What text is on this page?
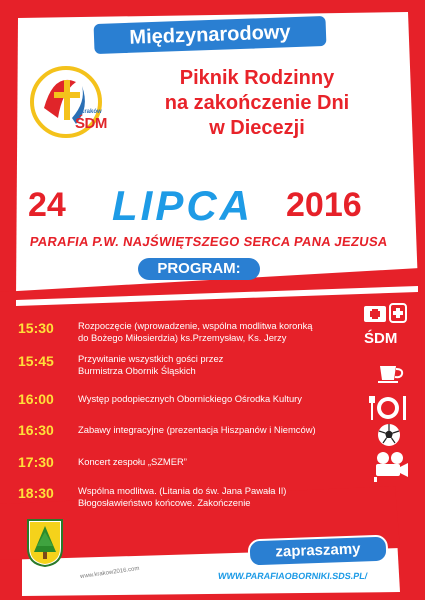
Międzynarodowy
Kraków
ŚDM
Piknik Rodzinny
na zakończenie Dni
w Diecezji
24 LIPCA 2016
PARAFIA P.W. NAJŚWIĘTSZEGO SERCA PANA JEZUSA
PROGRAM:
15:30	Rozpoczęcie (wprowadzenie, wspólna modlitwa koronką
do Bożego Miłosierdzia) ks.Przemysław, Ks. Jerzy
15:45	Przywitanie wszystkich gości przez
Burmistrza Obornik Śląskich
16:00	Występ podopiecznych Obornickiego Ośrodka Kultury
16:30	Zabawy integracyjne (prezentacja Hiszpanów i Niemców)
17:30	Koncert zespołu „SZMER”
18:30	Wspólna modlitwa. (Litania do św. Jana Pawała II)
Błogosławieństwo końcowe. Zakończenie
ŚDM
zapraszamy
www.krakow2016.com	WWW.PARAFIAOBORNIKI.SDS.PL/
